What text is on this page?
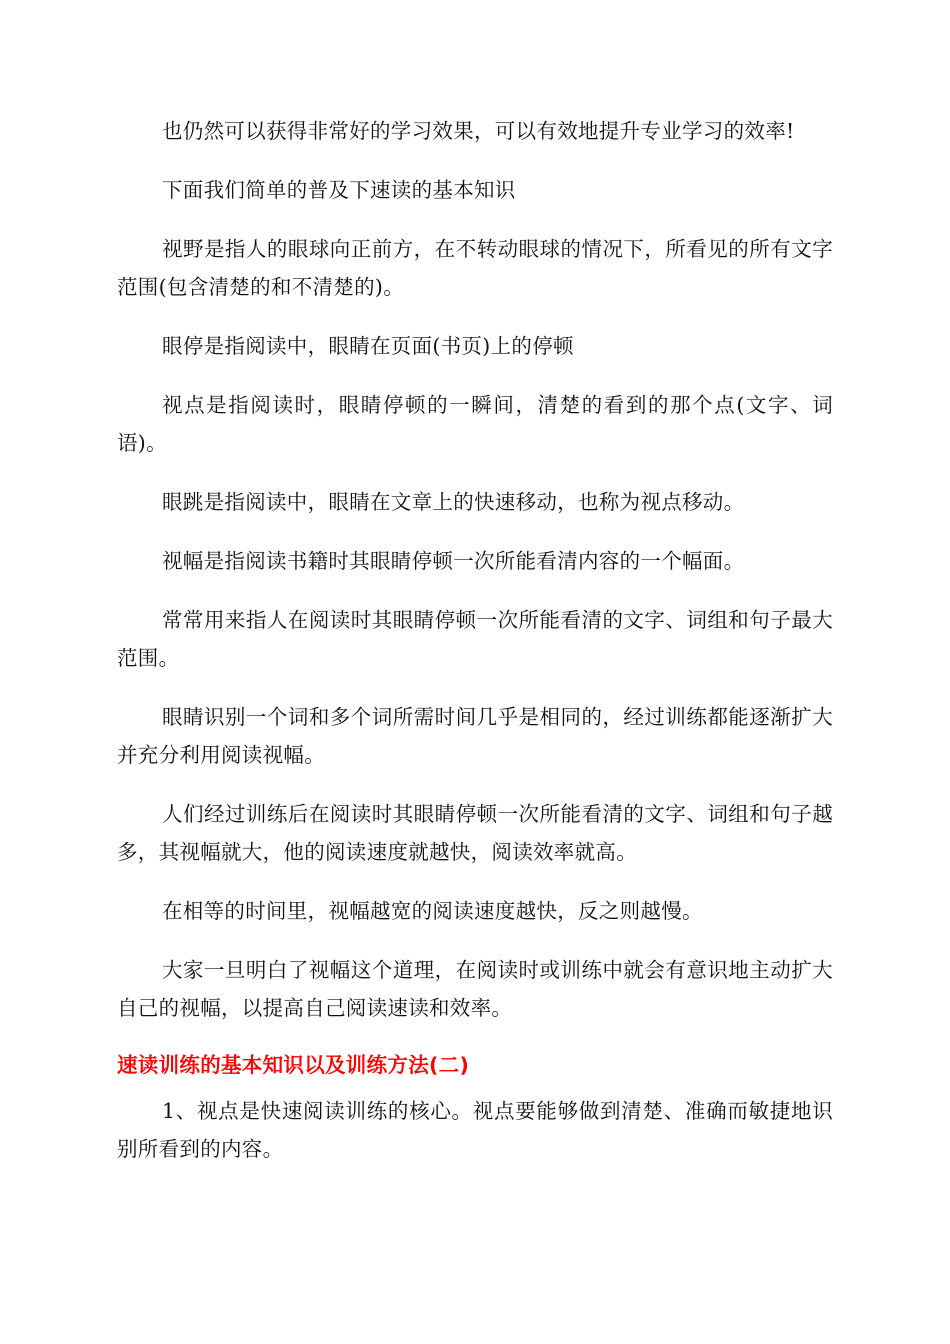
也仍然可以获得非常好的学习效果，可以有效地提升专业学习的效率!

下面我们简单的普及下速读的基本知识

视野是指人的眼球向正前方，在不转动眼球的情况下，所看见的所有文字范围(包含清楚的和不清楚的)。

眼停是指阅读中，眼睛在页面(书页)上的停顿

视点是指阅读时，眼睛停顿的一瞬间，清楚的看到的那个点(文字、词语)。

眼跳是指阅读中，眼睛在文章上的快速移动，也称为视点移动。

视幅是指阅读书籍时其眼睛停顿一次所能看清内容的一个幅面。

常常用来指人在阅读时其眼睛停顿一次所能看清的文字、词组和句子最大范围。

眼睛识别一个词和多个词所需时间几乎是相同的，经过训练都能逐渐扩大并充分利用阅读视幅。

人们经过训练后在阅读时其眼睛停顿一次所能看清的文字、词组和句子越多，其视幅就大，他的阅读速度就越快，阅读效率就高。

在相等的时间里，视幅越宽的阅读速度越快，反之则越慢。

大家一旦明白了视幅这个道理，在阅读时或训练中就会有意识地主动扩大自己的视幅，以提高自己阅读速读和效率。

速读训练的基本知识以及训练方法(二)

1、视点是快速阅读训练的核心。视点要能够做到清楚、准确而敏捷地识别所看到的内容。
